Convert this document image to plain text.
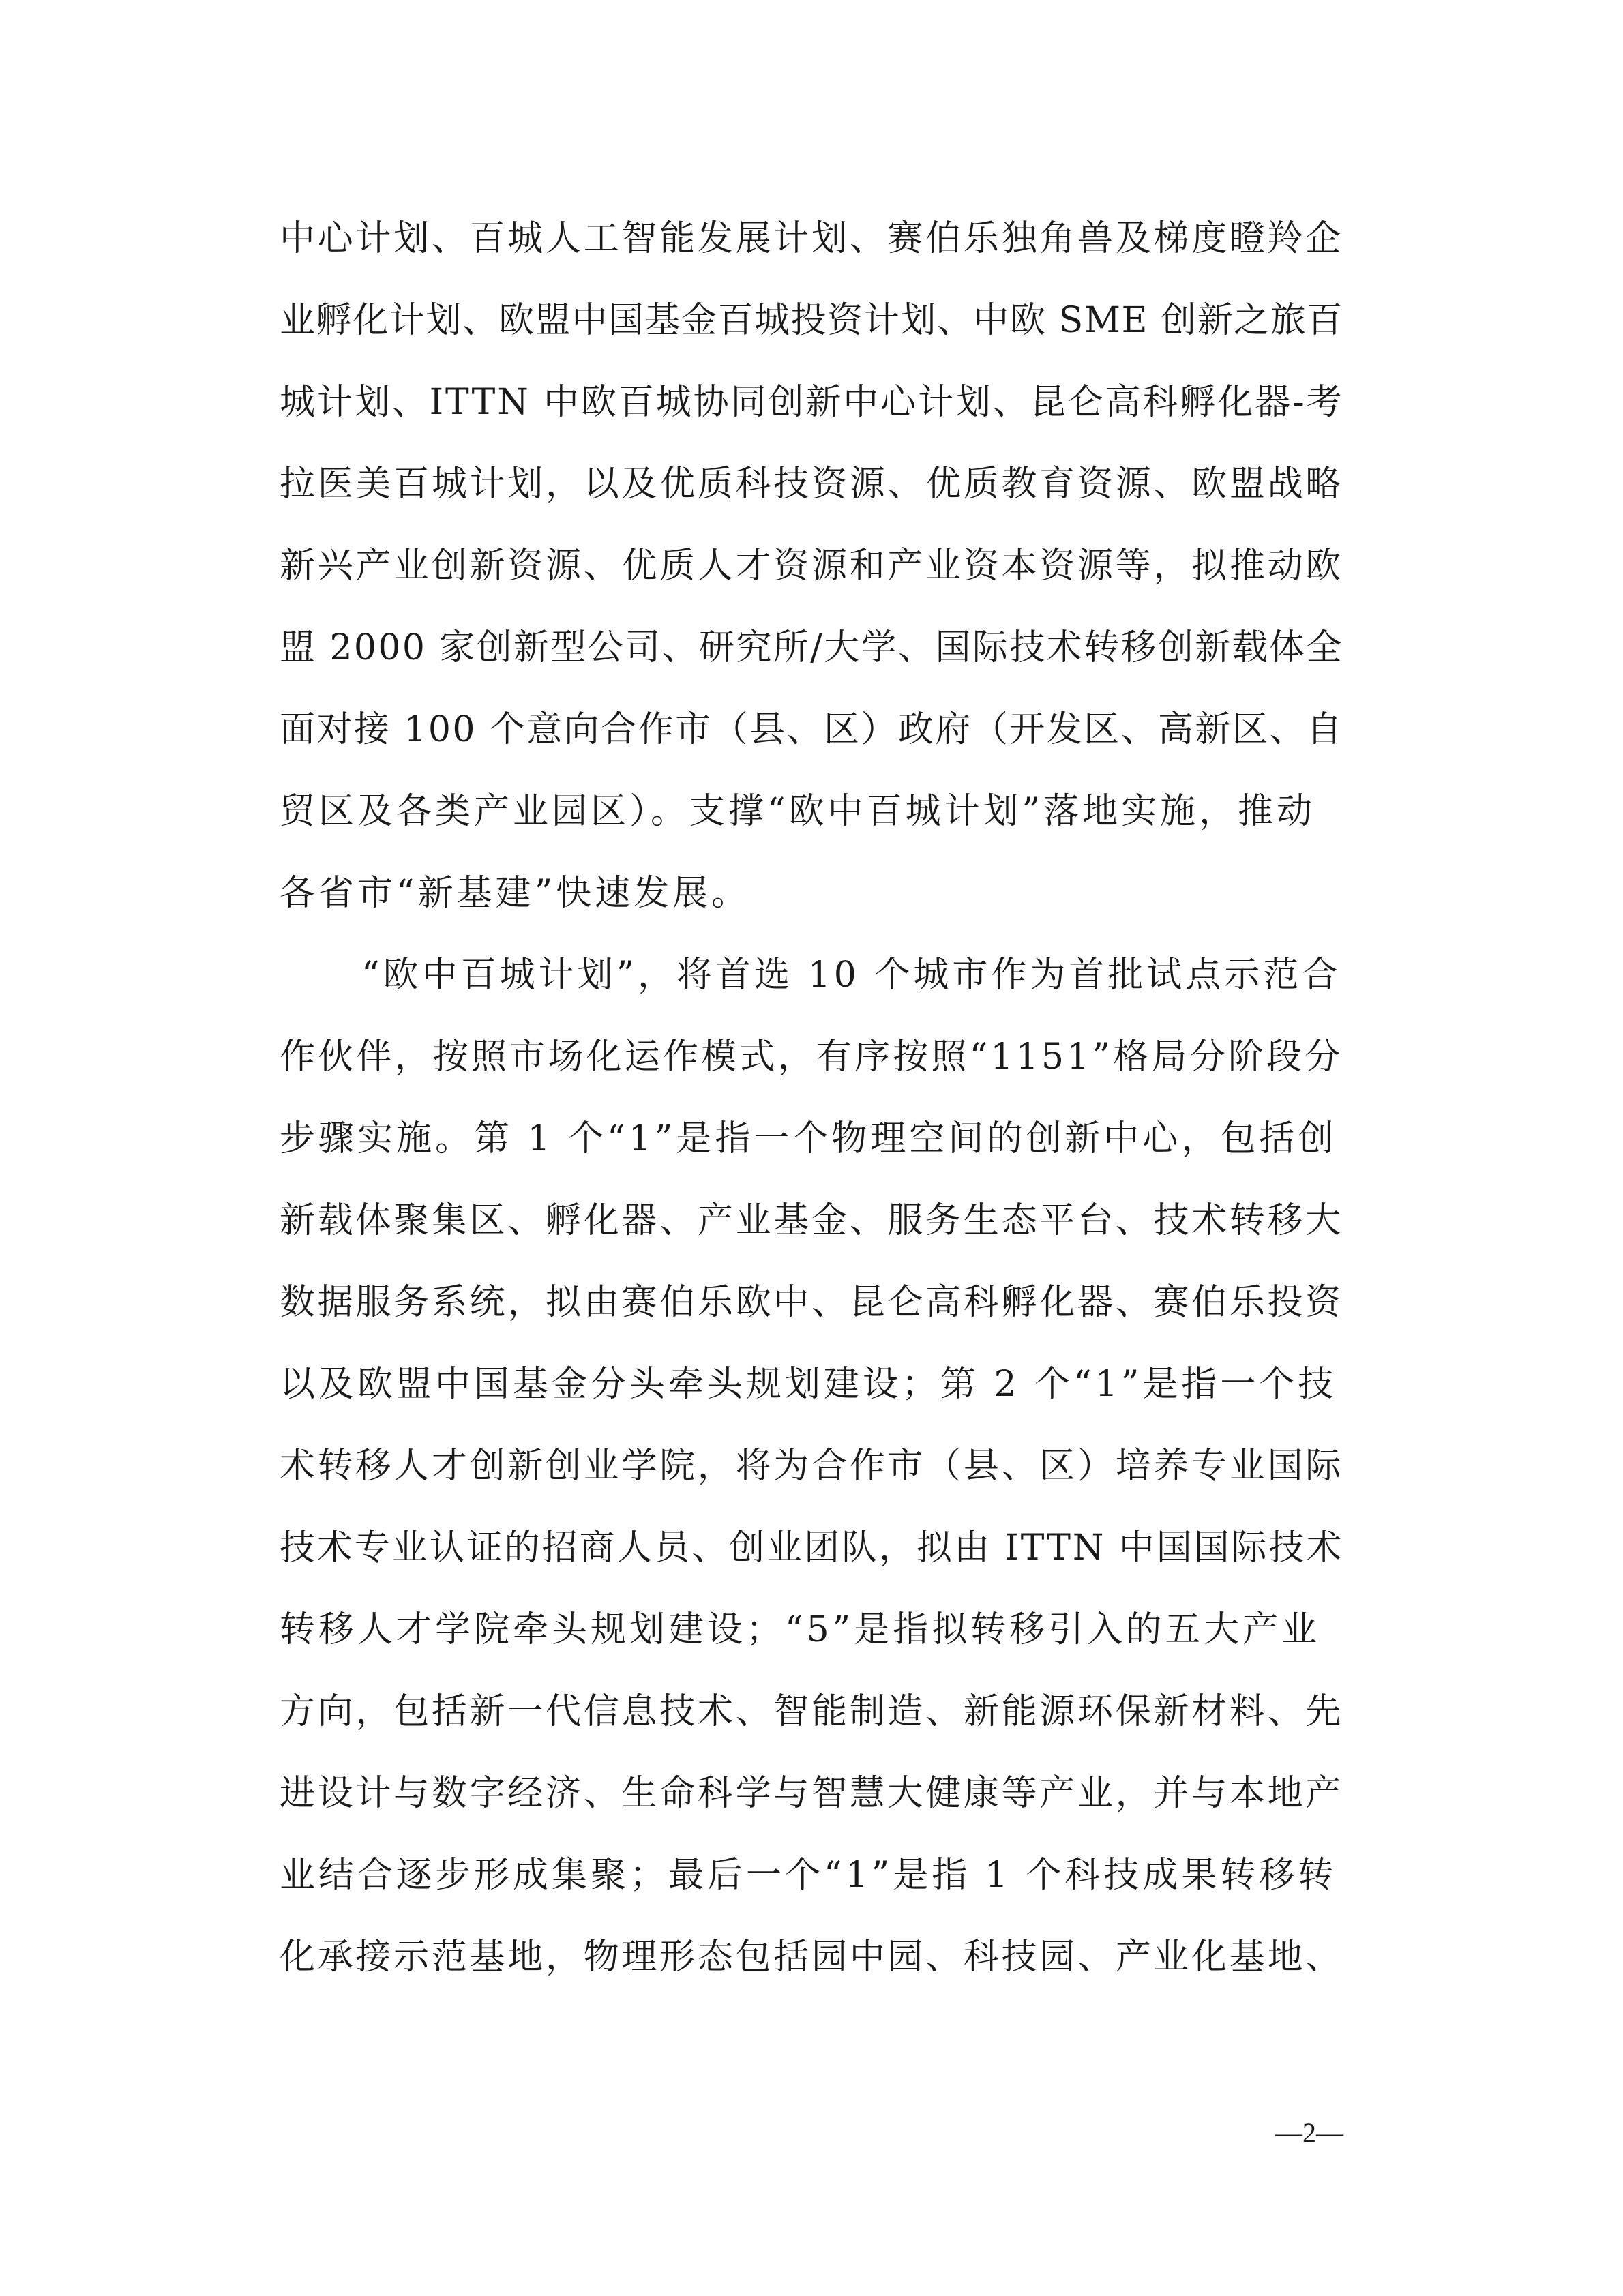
中心计划、百城人工智能发展计划、赛伯乐独角兽及梯度瞪羚企
业孵化计划、欧盟中国基金百城投资计划、中欧 SME 创新之旅百
城计划、ITTN 中欧百城协同创新中心计划、昆仑高科孵化器-考
拉医美百城计划，以及优质科技资源、优质教育资源、欧盟战略
新兴产业创新资源、优质人才资源和产业资本资源等，拟推动欧
盟 2000 家创新型公司、研究所/大学、国际技术转移创新载体全
面对接 100 个意向合作市（县、区）政府（开发区、高新区、自
贸区及各类产业园区）。支撑“欧中百城计划”落地实施，推动
各省市“新基建”快速发展。
“欧中百城计划”，将首选 10 个城市作为首批试点示范合
作伙伴，按照市场化运作模式，有序按照“1151”格局分阶段分
步骤实施。第 1 个“1”是指一个物理空间的创新中心，包括创
新载体聚集区、孵化器、产业基金、服务生态平台、技术转移大
数据服务系统，拟由赛伯乐欧中、昆仑高科孵化器、赛伯乐投资
以及欧盟中国基金分头牵头规划建设；第 2 个“1”是指一个技
术转移人才创新创业学院，将为合作市（县、区）培养专业国际
技术专业认证的招商人员、创业团队，拟由 ITTN 中国国际技术
转移人才学院牵头规划建设；“5”是指拟转移引入的五大产业
方向，包括新一代信息技术、智能制造、新能源环保新材料、先
进设计与数字经济、生命科学与智慧大健康等产业，并与本地产
业结合逐步形成集聚；最后一个“1”是指 1 个科技成果转移转
化承接示范基地，物理形态包括园中园、科技园、产业化基地、
—2—
